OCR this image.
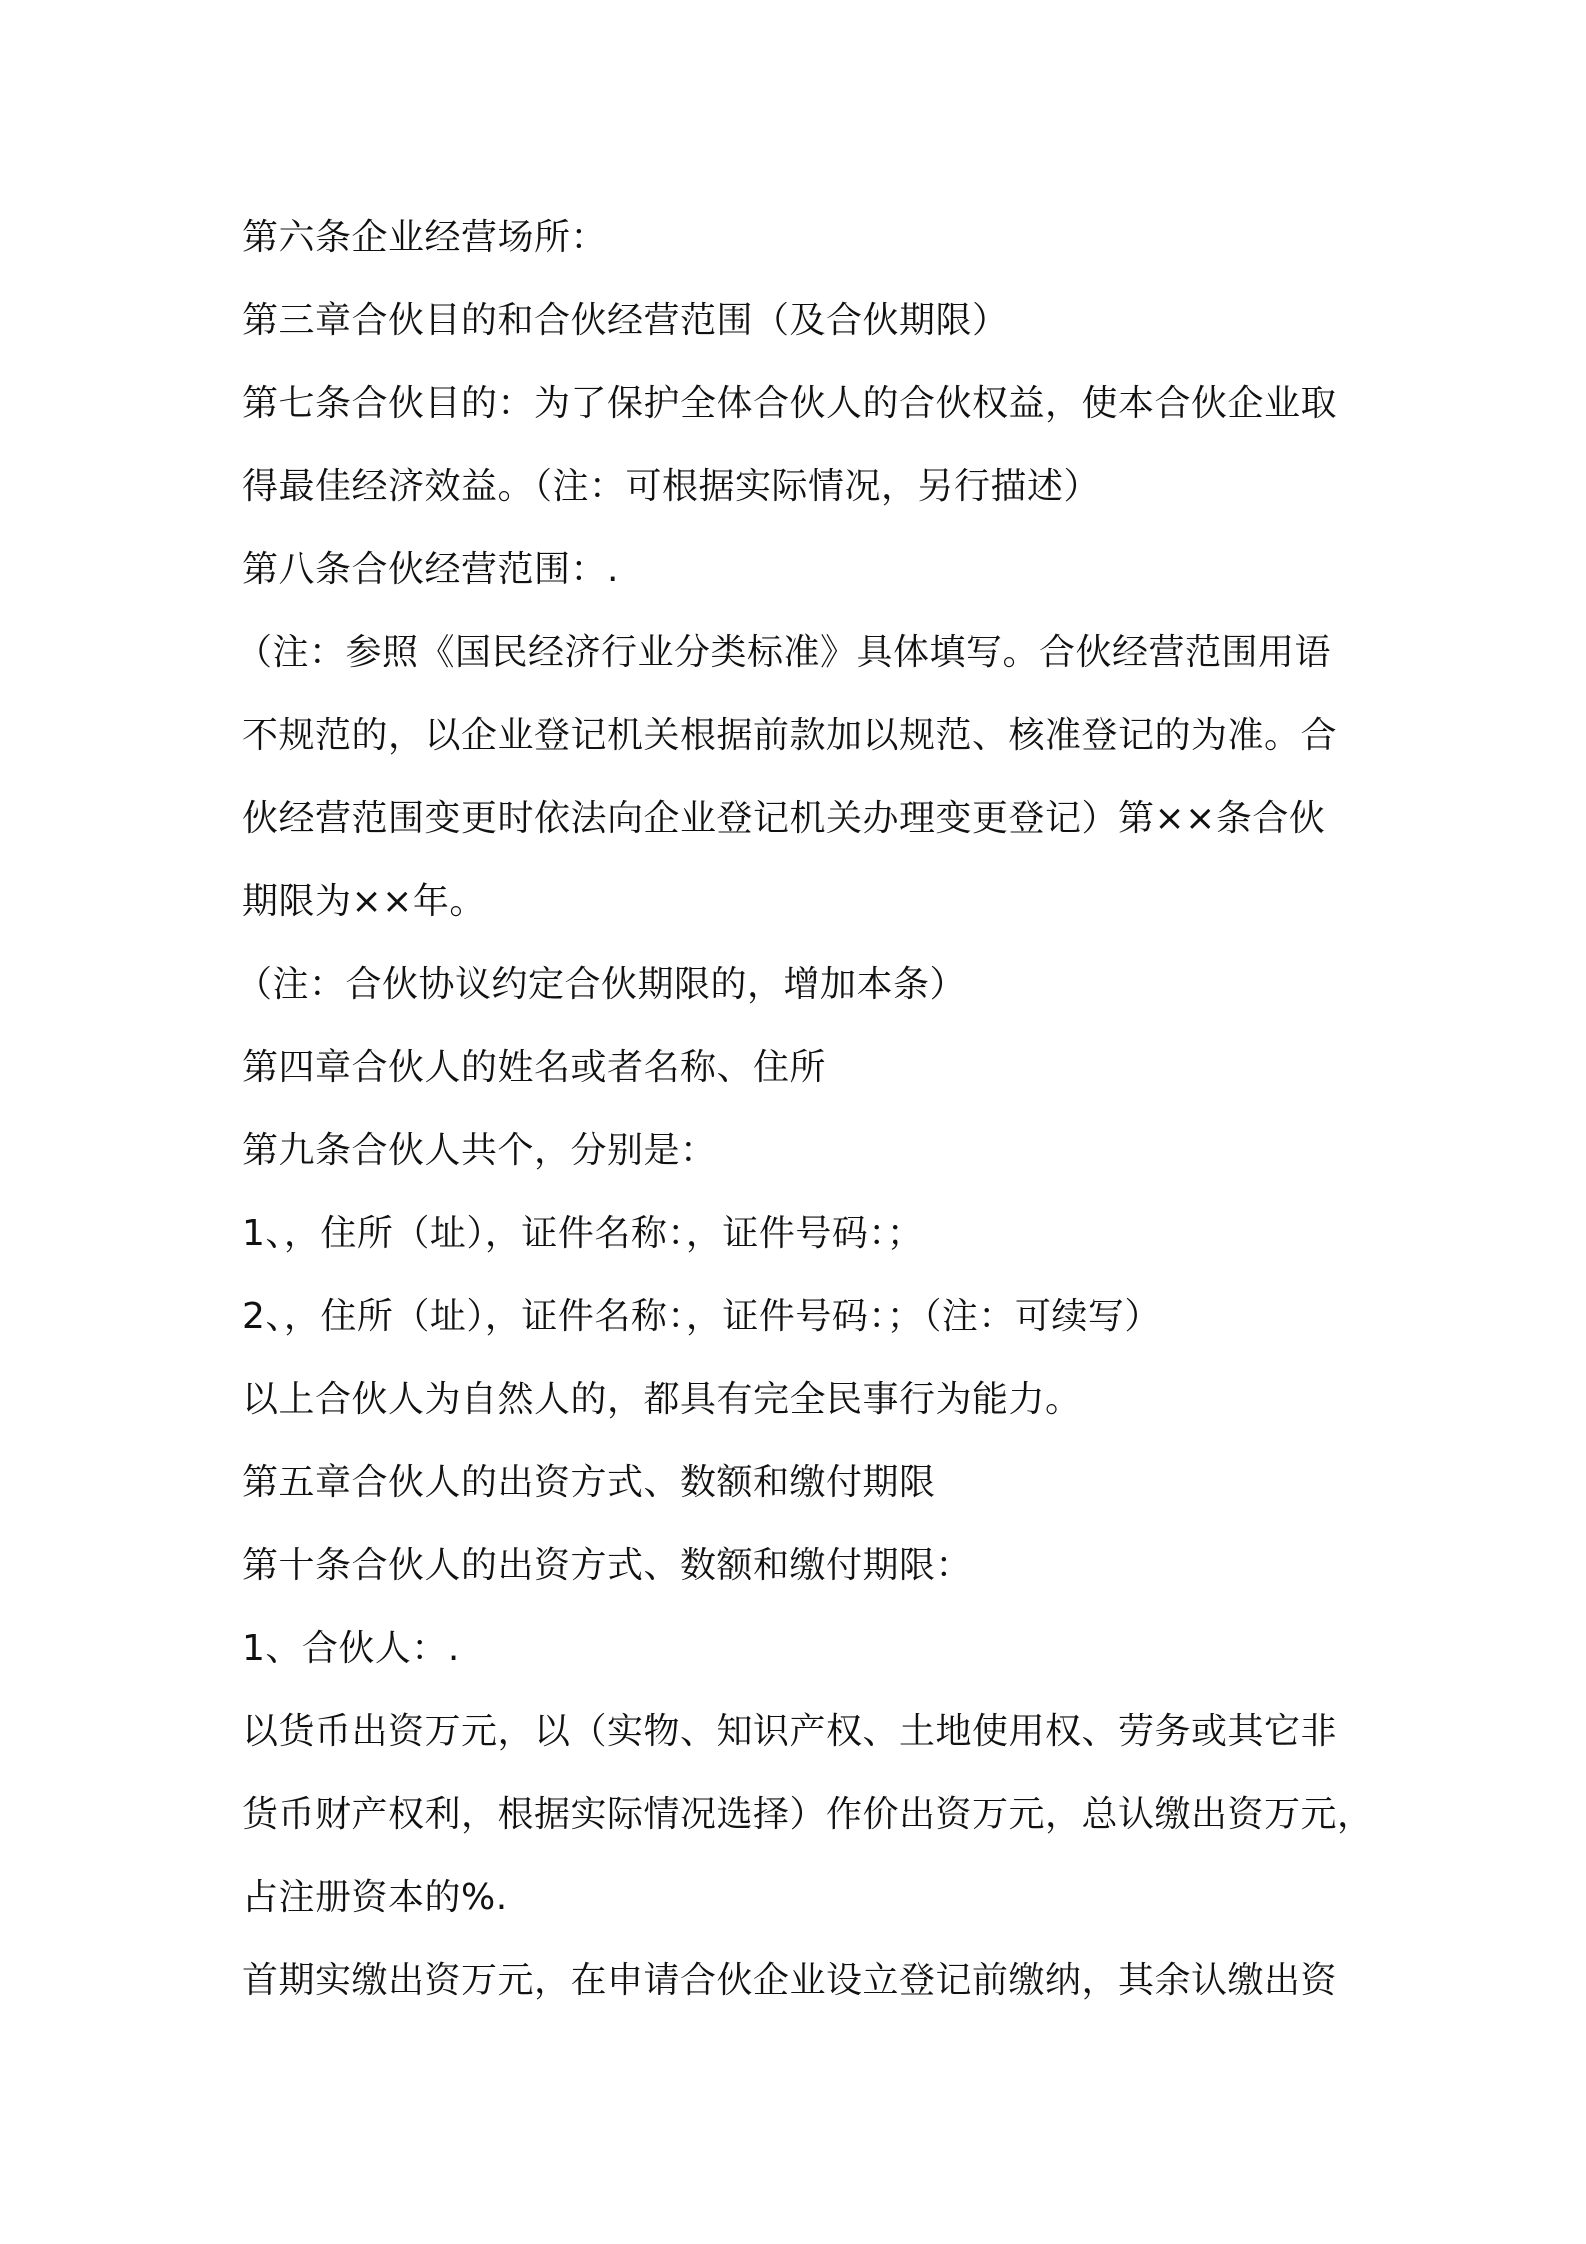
第六条企业经营场所：
第三章合伙目的和合伙经营范围（及合伙期限）
第七条合伙目的：为了保护全体合伙人的合伙权益，使本合伙企业取
得最佳经济效益。（注：可根据实际情况，另行描述）
第八条合伙经营范围：.
（注：参照《国民经济行业分类标准》具体填写。合伙经营范围用语
不规范的，以企业登记机关根据前款加以规范、核准登记的为准。合
伙经营范围变更时依法向企业登记机关办理变更登记）第××条合伙
期限为××年。
（注：合伙协议约定合伙期限的，增加本条）
第四章合伙人的姓名或者名称、住所
第九条合伙人共个，分别是：
1、，住所（址），证件名称：，证件号码：；
2、，住所（址），证件名称：，证件号码：；（注：可续写）
以上合伙人为自然人的，都具有完全民事行为能力。
第五章合伙人的出资方式、数额和缴付期限
第十条合伙人的出资方式、数额和缴付期限：
1、合伙人：.
以货币出资万元，以（实物、知识产权、土地使用权、劳务或其它非
货币财产权利，根据实际情况选择）作价出资万元，总认缴出资万元，
占注册资本的%.
首期实缴出资万元，在申请合伙企业设立登记前缴纳，其余认缴出资
